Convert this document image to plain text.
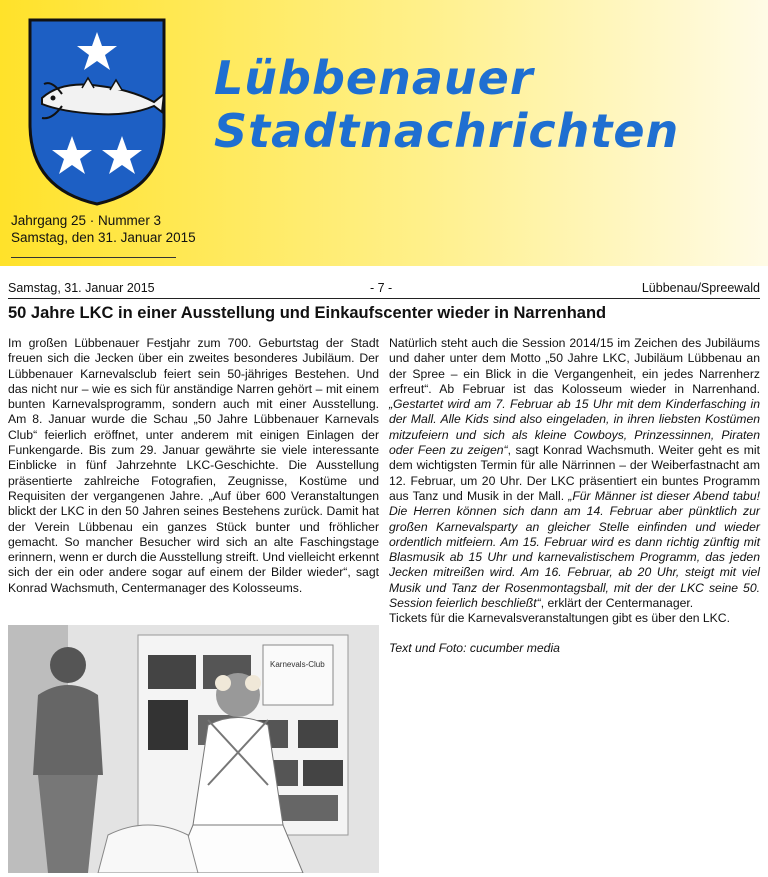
Lübbenauer
Stadtnachrichten
Jahrgang 25 · Nummer 3
Samstag, den 31. Januar 2015
Samstag, 31. Januar 2015	- 7 -	Lübbenau/Spreewald
50 Jahre LKC in einer Ausstellung und Einkaufscenter wieder in Narrenhand

Im großen Lübbenauer Festjahr zum 700. Geburtstag der Stadt freuen sich die Jecken über ein zweites besonderes Jubiläum. Der Lübbenauer Karnevalsclub feiert sein 50-jähriges Bestehen. Und das nicht nur – wie es sich für anständige Narren gehört – mit einem bunten Karnevalsprogramm, sondern auch mit einer Ausstellung. Am 8. Januar wurde die Schau „50 Jahre Lübbenauer Karnevals Club“ feierlich eröffnet, unter anderem mit einigen Einlagen der Funkengarde. Bis zum 29. Januar gewährte sie viele interessante Einblicke in fünf Jahrzehnte LKC-Geschichte. Die Ausstellung präsentierte zahlreiche Fotografien, Zeugnisse, Kostüme und Requisiten der vergangenen Jahre. „Auf über 600 Veranstaltungen blickt der LKC in den 50 Jahren seines Bestehens zurück. Damit hat der Verein Lübbenau ein ganzes Stück bunter und fröhlicher gemacht. So mancher Besucher wird sich an alte Faschingstage erinnern, wenn er durch die Ausstellung streift. Und vielleicht erkennt sich der ein oder andere sogar auf einem der Bilder wieder“, sagt Konrad Wachsmuth, Centermanager des Kolosseums.

Karnevals-Club

Natürlich steht auch die Session 2014/15 im Zeichen des Jubiläums und daher unter dem Motto „50 Jahre LKC, Jubiläum Lübbenau an der Spree – ein Blick in die Vergangenheit, ein jedes Narrenherz erfreut“. Ab Februar ist das Kolosseum wieder in Narrenhand. „Gestartet wird am 7. Februar ab 15 Uhr mit dem Kinderfasching in der Mall. Alle Kids sind also eingeladen, in ihren liebsten Kostümen mitzufeiern und sich als kleine Cowboys, Prinzessinnen, Piraten oder Feen zu zeigen“, sagt Konrad Wachsmuth. Weiter geht es mit dem wichtigsten Termin für alle Närrinnen – der Weiberfastnacht am 12. Februar, um 20 Uhr. Der LKC präsentiert ein buntes Programm aus Tanz und Musik in der Mall. „Für Männer ist dieser Abend tabu! Die Herren können sich dann am 14. Februar aber pünktlich zur großen Karnevalsparty an gleicher Stelle einfinden und wieder ordentlich mitfeiern. Am 15. Februar wird es dann richtig zünftig mit Blasmusik ab 15 Uhr und karnevalistischem Programm, das jeden Jecken mitreißen wird. Am 16. Februar, ab 20 Uhr, steigt mit viel Musik und Tanz der Rosenmontagsball, mit der der LKC seine 50. Session feierlich beschließt“, erklärt der Centermanager.

Tickets für die Karnevalsveranstaltungen gibt es über den LKC.

Text und Foto: cucumber media
